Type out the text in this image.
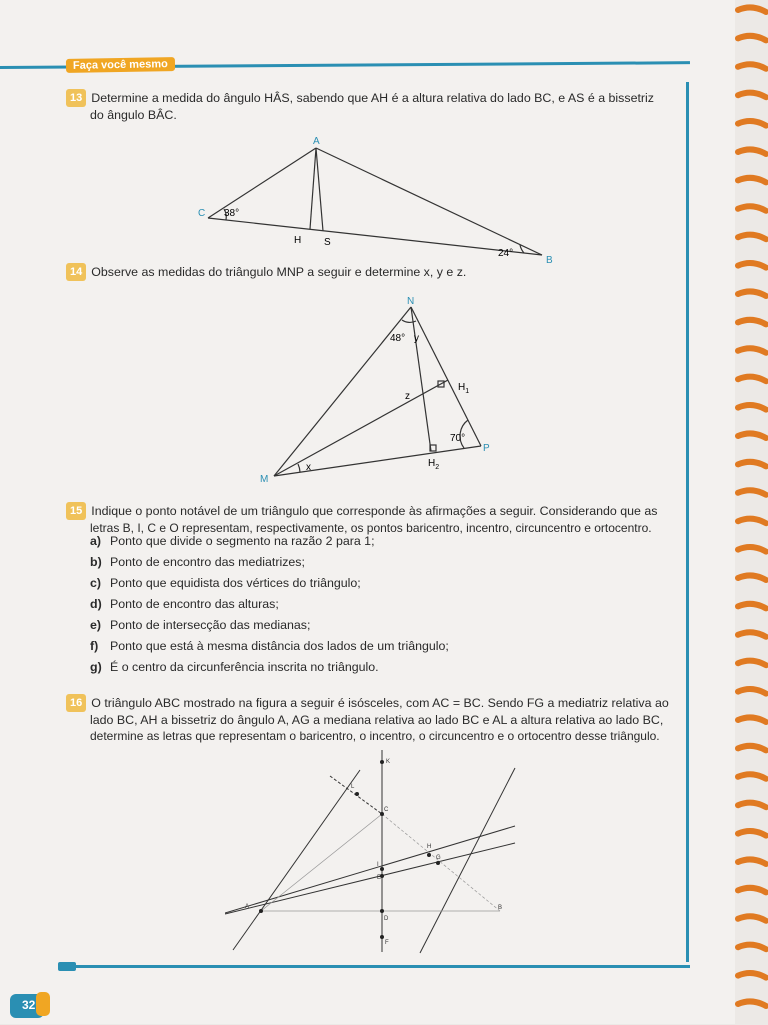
Faça você mesmo
13 Determine a medida do ângulo HÂS, sabendo que AH é a altura relativa do lado BC, e AS é a bissetriz
do ângulo BÂC.
A
B
C
H S
38°
24°
14 Observe as medidas do triângulo MNP a seguir e determine x, y e z.
N
M
P
$H_1$
$H_2$
48° y
z
x
70°
15 Indique o ponto notável de um triângulo que corresponde às afirmações a seguir. Considerando que as
letras B, I, C e O representam, respectivamente, os pontos baricentro, incentro, circuncentro e ortocentro.
a) Ponto que divide o segmento na razão 2 para 1;
b) Ponto de encontro das mediatrizes;
c) Ponto que equidista dos vértices do triângulo;
d) Ponto de encontro das alturas;
e) Ponto de intersecção das medianas;
f) Ponto que está à mesma distância dos lados de um triângulo;
g) É o centro da circunferência inscrita no triângulo.
16 O triângulo ABC mostrado na figura a seguir é isósceles, com AC = BC. Sendo FG a mediatriz relativa ao
lado BC, AH a bissetriz do ângulo A, AG a mediana relativa ao lado BC e AL a altura relativa ao lado BC,
determine as letras que representam o baricentro, o incentro, o circuncentro e o ortocentro desse triângulo.
K
L
C
H
G
I
E
A
D
B
F
32
